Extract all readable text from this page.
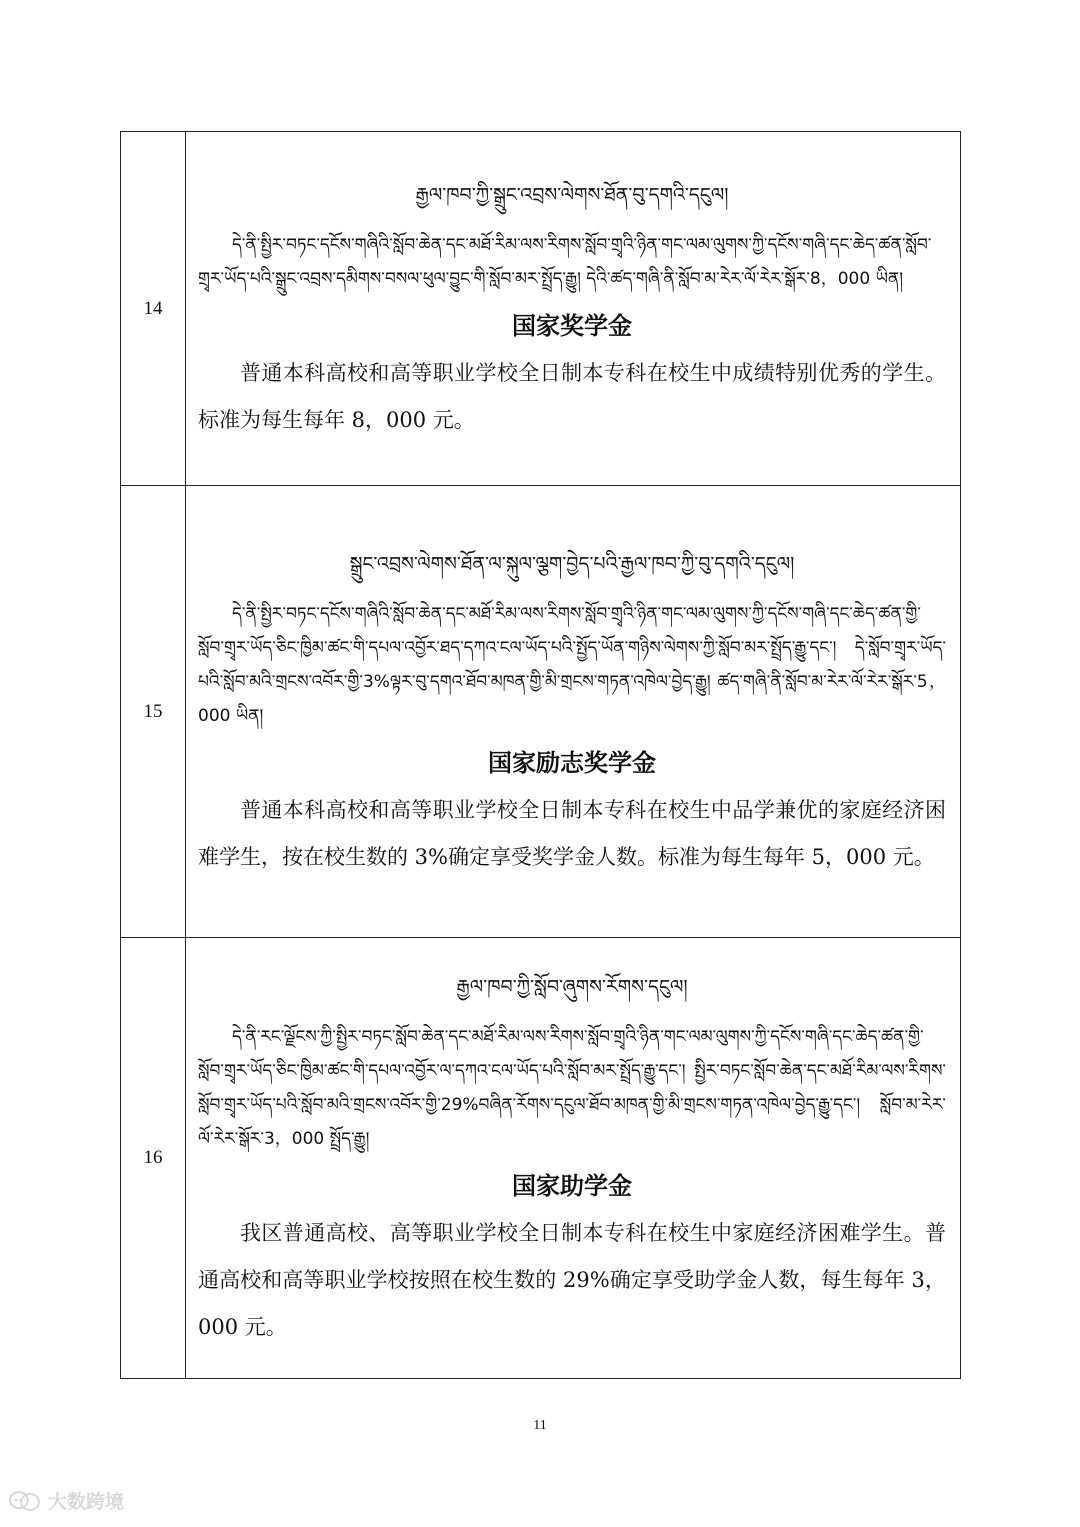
14	རྒྱལ་ཁབ་ཀྱི་སྒྲུང་འབྲས་ལེགས་ཐོན་བུ་དགའི་དངུལ།
དེ་ནི་སྤྱིར་བཏང་དངོས་གཞིའི་སློབ་ཆེན་དང་མཐོ་རིམ་ལས་རིགས་སློབ་གྲྭའི་ཉིན་གང་ལམ་ལུགས་ཀྱི་དངོས་གཞི་དང་ཆེད་ཚན་སློབ་གྲྭར་ཡོད་པའི་སྒྲུང་འབྲས་དམིགས་བསལ་ཕུལ་བྱུང་གི་སློབ་མར་སྤྲོད་རྒྱུ། དེའི་ཚད་གཞི་ནི་སློབ་མ་རེར་ལོ་རེར་སྒོར་8，000 ཡིན།
国家奖学金
普通本科高校和高等职业学校全日制本专科在校生中成绩特别优秀的学生。标准为每生每年 8，000 元。

15	སྒྲུང་འབྲས་ལེགས་ཐོན་ལ་སྐུལ་ལྕག་བྱེད་པའི་རྒྱལ་ཁབ་ཀྱི་བུ་དགའི་དངུལ།
དེ་ནི་སྤྱིར་བཏང་དངོས་གཞིའི་སློབ་ཆེན་དང་མཐོ་རིམ་ལས་རིགས་སློབ་གྲྭའི་ཉིན་གང་ལམ་ལུགས་ཀྱི་དངོས་གཞི་དང་ཆེད་ཚན་གྱི་སློབ་གྲྭར་ཡོད་ཅིང་ཁྱིམ་ཚང་གི་དཔལ་འབྱོར་ཐད་དཀའ་ངལ་ཡོད་པའི་སྤྱོད་ཡོན་གཉིས་ལེགས་ཀྱི་སློབ་མར་སྤྲོད་རྒྱུ་དང་། དེ་སློབ་གྲྭར་ཡོད་པའི་སློབ་མའི་གྲངས་འབོར་གྱི་3%ལྟར་བུ་དགའ་ཐོབ་མཁན་གྱི་མི་གྲངས་གཏན་འཁེལ་བྱེད་རྒྱུ། ཚད་གཞི་ནི་སློབ་མ་རེར་ལོ་རེར་སྒོར་5，000 ཡིན།
国家励志奖学金
普通本科高校和高等职业学校全日制本专科在校生中品学兼优的家庭经济困难学生，按在校生数的 3%确定享受奖学金人数。标准为每生每年 5，000 元。

16	རྒྱལ་ཁབ་ཀྱི་སློབ་ཞུགས་རོགས་དངུལ།
དེ་ནི་རང་ལྗོངས་ཀྱི་སྤྱིར་བཏང་སློབ་ཆེན་དང་མཐོ་རིམ་ལས་རིགས་སློབ་གྲྭའི་ཉིན་གང་ལམ་ལུགས་ཀྱི་དངོས་གཞི་དང་ཆེད་ཚན་གྱི་སློབ་གྲྭར་ཡོད་ཅིང་ཁྱིམ་ཚང་གི་དཔལ་འབྱོར་ལ་དཀའ་ངལ་ཡོད་པའི་སློབ་མར་སྤྲོད་རྒྱུ་དང་། སྤྱིར་བཏང་སློབ་ཆེན་དང་མཐོ་རིམ་ལས་རིགས་སློབ་གྲྭར་ཡོད་པའི་སློབ་མའི་གྲངས་འབོར་གྱི་29%བཞིན་རོགས་དངུལ་ཐོབ་མཁན་གྱི་མི་གྲངས་གཏན་འཁེལ་བྱེད་རྒྱུ་དང་། སློབ་མ་རེར་ལོ་རེར་སྒོར་3，000 སྤྲོད་རྒྱུ།
国家助学金
我区普通高校、高等职业学校全日制本专科在校生中家庭经济困难学生。普通高校和高等职业学校按照在校生数的 29%确定享受助学金人数，每生每年 3，000 元。
11
大数跨境
